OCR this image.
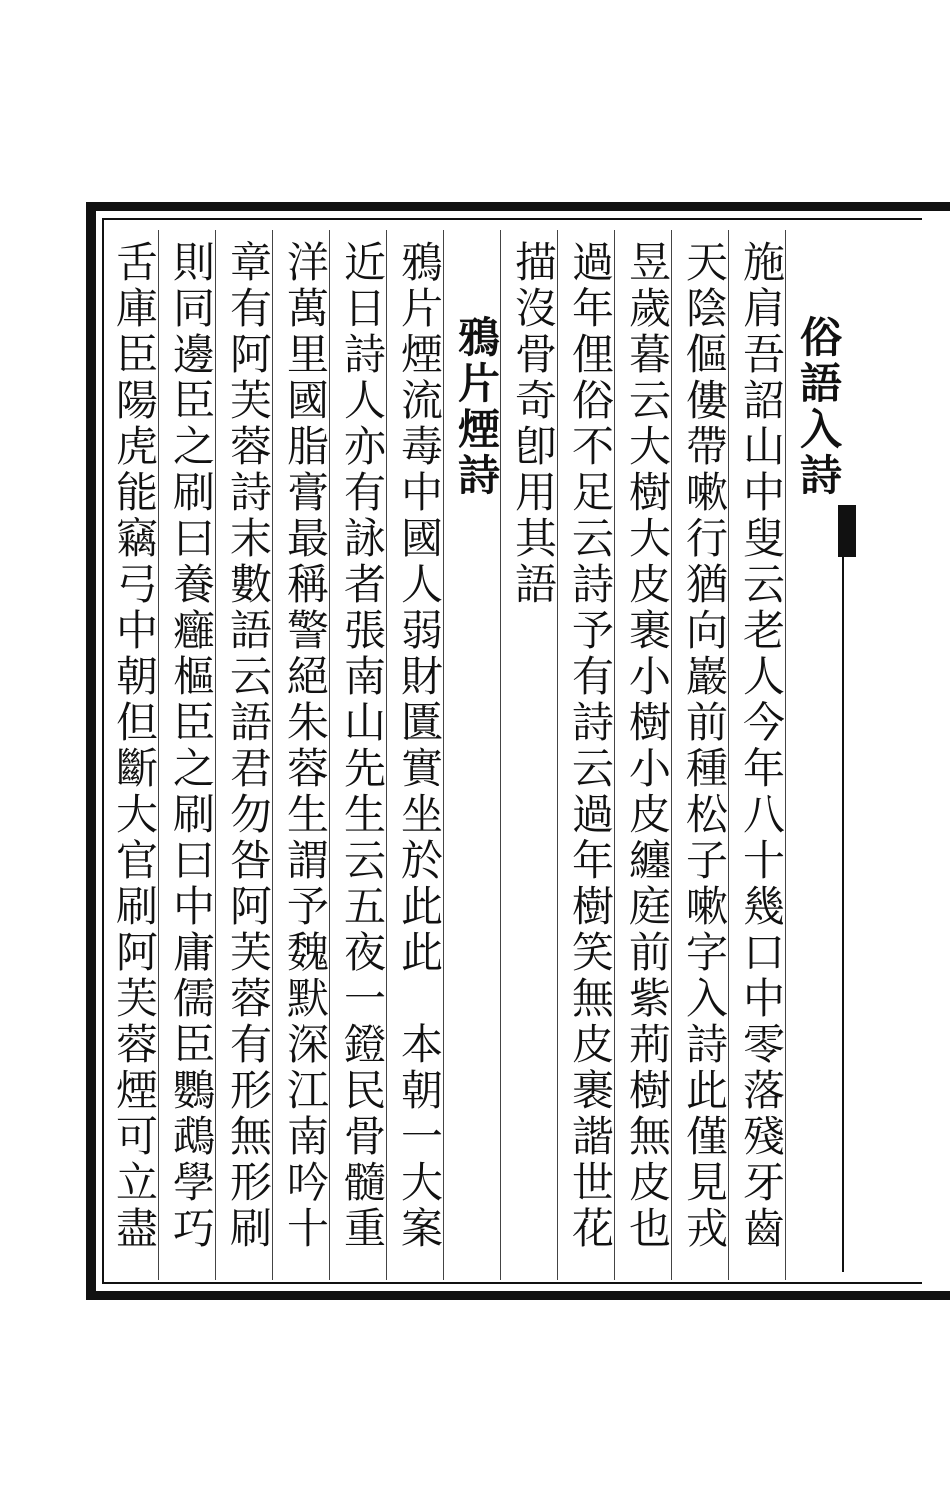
俗語入詩
施肩吾詔山中叟云老人今年八十幾口中零落殘牙齒
天陰傴僂帶嗽行猶向巖前種松子嗽字入詩此僅見戎
昱歲暮云大樹大皮裹小樹小皮纏庭前紫荊樹無皮也
過年俚俗不足云詩予有詩云過年樹笑無皮裹諧世花
描沒骨奇卽用其語
鴉片煙詩
鴉片煙流毒中國人弱財匱實坐於此此　本朝一大案
近日詩人亦有詠者張南山先生云五夜一鐙民骨髓重
洋萬里國脂膏最稱警絕朱蓉生謂予魏默深江南吟十
章有阿芙蓉詩末數語云語君勿咎阿芙蓉有形無形刷
則同邊臣之刷曰養癰樞臣之刷曰中庸儒臣鸚鵡學巧
舌庫臣陽虎能竊弓中朝但斷大官刷阿芙蓉煙可立盡
